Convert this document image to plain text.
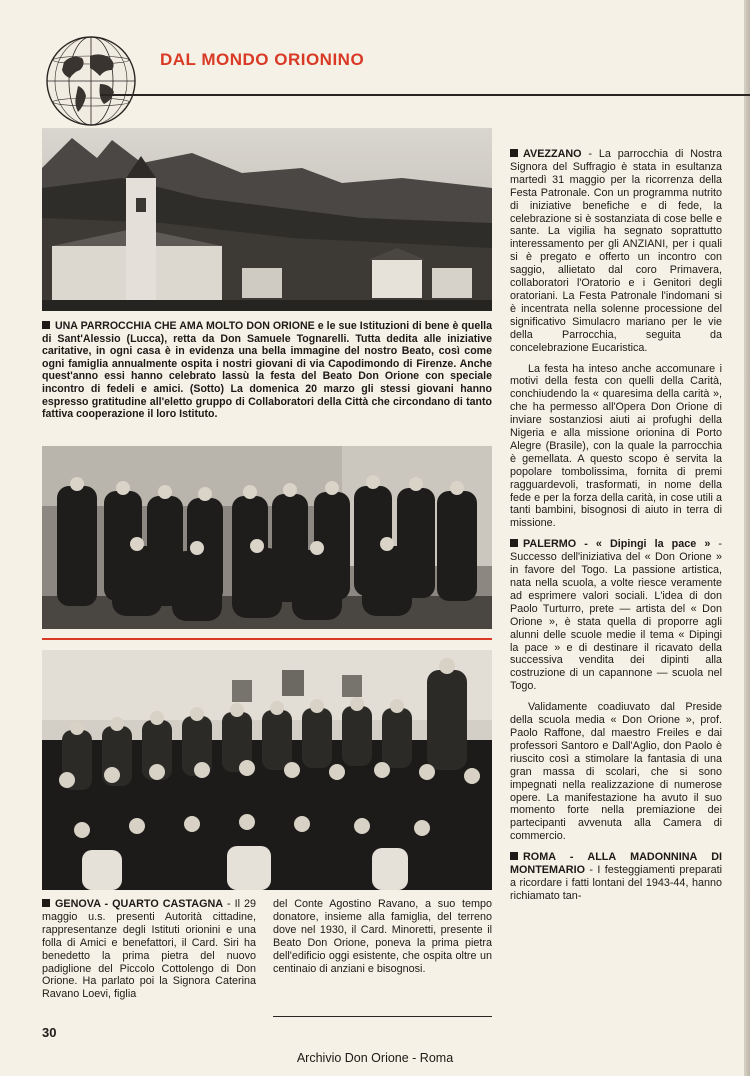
DAL MONDO ORIONINO

UNA PARROCCHIA CHE AMA MOLTO DON ORIONE e le sue Istituzioni di bene è quella di Sant'Alessio (Lucca), retta da Don Samuele Tognarelli. Tutta dedita alle iniziative caritative, in ogni casa è in evidenza una bella immagine del nostro Beato, così come ogni famiglia annualmente ospita i nostri giovani di via Capodimondo di Firenze. Anche quest'anno essi hanno celebrato lassù la festa del Beato Don Orione con speciale incontro di fedeli e amici. (Sotto) La domenica 20 marzo gli stessi giovani hanno espresso gratitudine all'eletto gruppo di Collaboratori della Città che circondano di tanto fattiva cooperazione il loro Istituto.

AVEZZANO - La parrocchia di Nostra Signora del Suffragio è stata in esultanza martedì 31 maggio per la ricorrenza della Festa Patronale. Con un programma nutrito di iniziative benefiche e di fede, la celebrazione si è sostanziata di cose belle e sante. La vigilia ha segnato soprattutto interessamento per gli ANZIANI, per i quali si è pregato e offerto un incontro con saggio, allietato dal coro Primavera, collaboratori l'Oratorio e i Genitori degli oratoriani. La Festa Patronale l'indomani si è incentrata nella solenne processione del significativo Simulacro mariano per le vie della Parrocchia, seguita da concelebrazione Eucaristica.

La festa ha inteso anche accomunare i motivi della festa con quelli della Carità, conchiudendo la « quaresima della carità », che ha permesso all'Opera Don Orione di inviare sostanziosi aiuti ai profughi della Nigeria e alla missione orionina di Porto Alegre (Brasile), con la quale la parrocchia è gemellata. A questo scopo è servita la popolare tombolissima, fornita di premi ragguardevoli, trasformati, in nome della fede e per la forza della carità, in cose utili a tanti bambini, bisognosi di aiuto in terra di missione.

PALERMO - « Dipingi la pace » - Successo dell'iniziativa del « Don Orione » in favore del Togo. La passione artistica, nata nella scuola, a volte riesce veramente ad esprimere valori sociali. L'idea di don Paolo Turturro, prete — artista del « Don Orione », è stata quella di proporre agli alunni delle scuole medie il tema « Dipingi la pace » e di destinare il ricavato della successiva vendita dei dipinti alla costruzione di un capannone — scuola nel Togo.

Validamente coadiuvato dal Preside della scuola media « Don Orione », prof. Paolo Raffone, dal maestro Freiles e dai professori Santoro e Dall'Aglio, don Paolo è riuscito così a stimolare la fantasia di una gran massa di scolari, che si sono impegnati nella realizzazione di numerose opere. La manifestazione ha avuto il suo momento forte nella premiazione dei partecipanti avvenuta alla Camera di commercio.

ROMA - ALLA MADONNINA DI MONTEMARIO - I festeggiamenti preparati a ricordare i fatti lontani del 1943-44, hanno richiamato tan-

GENOVA - QUARTO CASTAGNA - Il 29 maggio u.s. presenti Autorità cittadine, rappresentanze degli Istituti orionini e una folla di Amici e benefattori, il Card. Siri ha benedetto la prima pietra del nuovo padiglione del Piccolo Cottolengo di Don Orione. Ha parlato poi la Signora Caterina Ravano Loevi, figlia

del Conte Agostino Ravano, a suo tempo donatore, insieme alla famiglia, del terreno dove nel 1930, il Card. Minoretti, presente il Beato Don Orione, poneva la prima pietra dell'edificio oggi esistente, che ospita oltre un centinaio di anziani e bisognosi.

30

Archivio Don Orione - Roma
